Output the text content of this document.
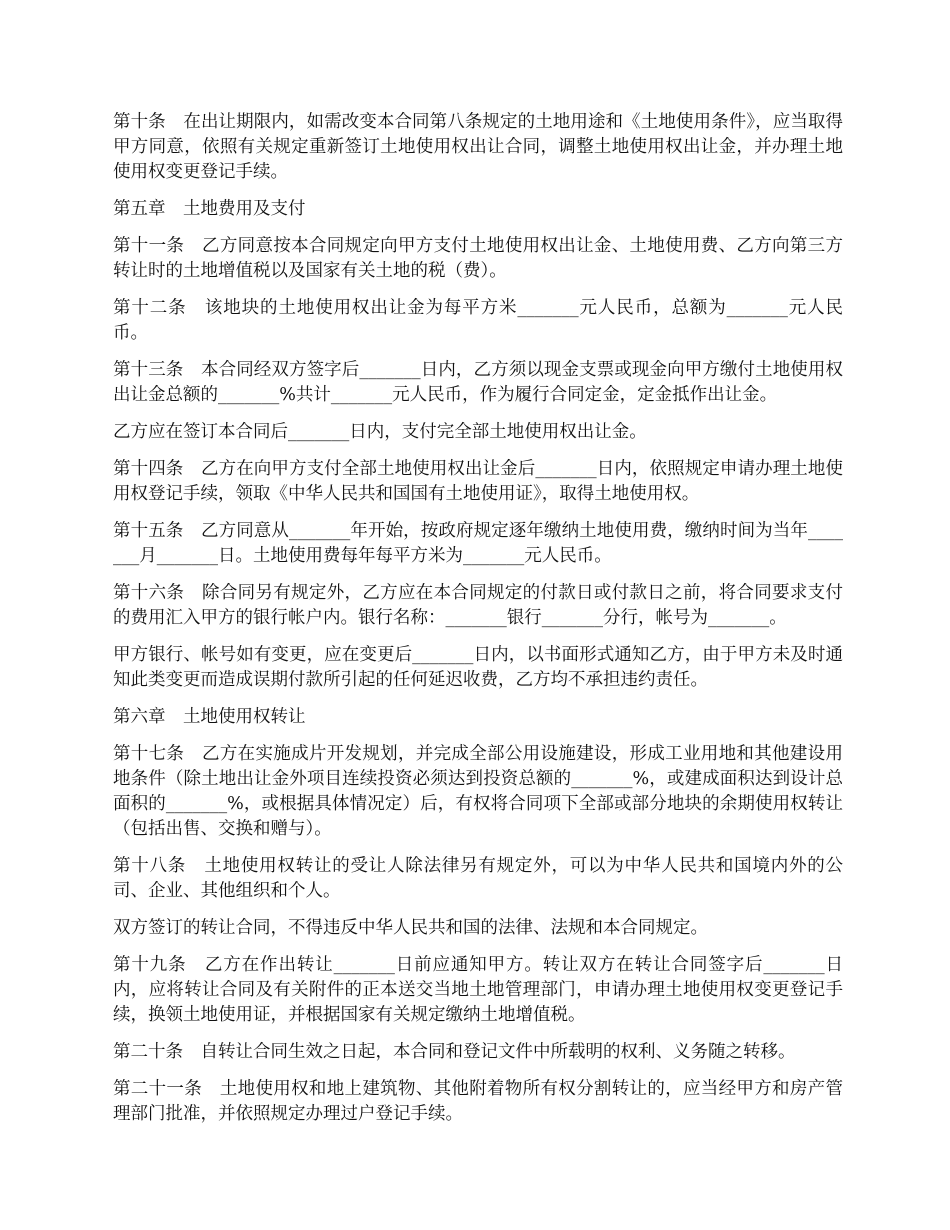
第十条　在出让期限内，如需改变本合同第八条规定的土地用途和《土地使用条件》，应当取得甲方同意，依照有关规定重新签订土地使用权出让合同，调整土地使用权出让金，并办理土地使用权变更登记手续。

第五章　土地费用及支付

第十一条　乙方同意按本合同规定向甲方支付土地使用权出让金、土地使用费、乙方向第三方转让时的土地增值税以及国家有关土地的税（费）。

第十二条　该地块的土地使用权出让金为每平方米_______元人民币，总额为_______元人民币。

第十三条　本合同经双方签字后_______日内，乙方须以现金支票或现金向甲方缴付土地使用权出让金总额的_______%共计_______元人民币，作为履行合同定金，定金抵作出让金。

乙方应在签订本合同后_______日内，支付完全部土地使用权出让金。

第十四条　乙方在向甲方支付全部土地使用权出让金后_______日内，依照规定申请办理土地使用权登记手续，领取《中华人民共和国国有土地使用证》，取得土地使用权。

第十五条　乙方同意从_______年开始，按政府规定逐年缴纳土地使用费，缴纳时间为当年_______月_______日。土地使用费每年每平方米为_______元人民币。

第十六条　除合同另有规定外，乙方应在本合同规定的付款日或付款日之前，将合同要求支付的费用汇入甲方的银行帐户内。银行名称：_______银行_______分行，帐号为_______。

甲方银行、帐号如有变更，应在变更后_______日内，以书面形式通知乙方，由于甲方未及时通知此类变更而造成误期付款所引起的任何延迟收费，乙方均不承担违约责任。

第六章　土地使用权转让

第十七条　乙方在实施成片开发规划，并完成全部公用设施建设，形成工业用地和其他建设用地条件（除土地出让金外项目连续投资必须达到投资总额的_______%，或建成面积达到设计总面积的_______%，或根据具体情况定）后，有权将合同项下全部或部分地块的余期使用权转让（包括出售、交换和赠与）。

第十八条　土地使用权转让的受让人除法律另有规定外，可以为中华人民共和国境内外的公司、企业、其他组织和个人。

双方签订的转让合同，不得违反中华人民共和国的法律、法规和本合同规定。

第十九条　乙方在作出转让_______日前应通知甲方。转让双方在转让合同签字后_______日内，应将转让合同及有关附件的正本送交当地土地管理部门，申请办理土地使用权变更登记手续，换领土地使用证，并根据国家有关规定缴纳土地增值税。

第二十条　自转让合同生效之日起，本合同和登记文件中所载明的权利、义务随之转移。

第二十一条　土地使用权和地上建筑物、其他附着物所有权分割转让的，应当经甲方和房产管理部门批准，并依照规定办理过户登记手续。
